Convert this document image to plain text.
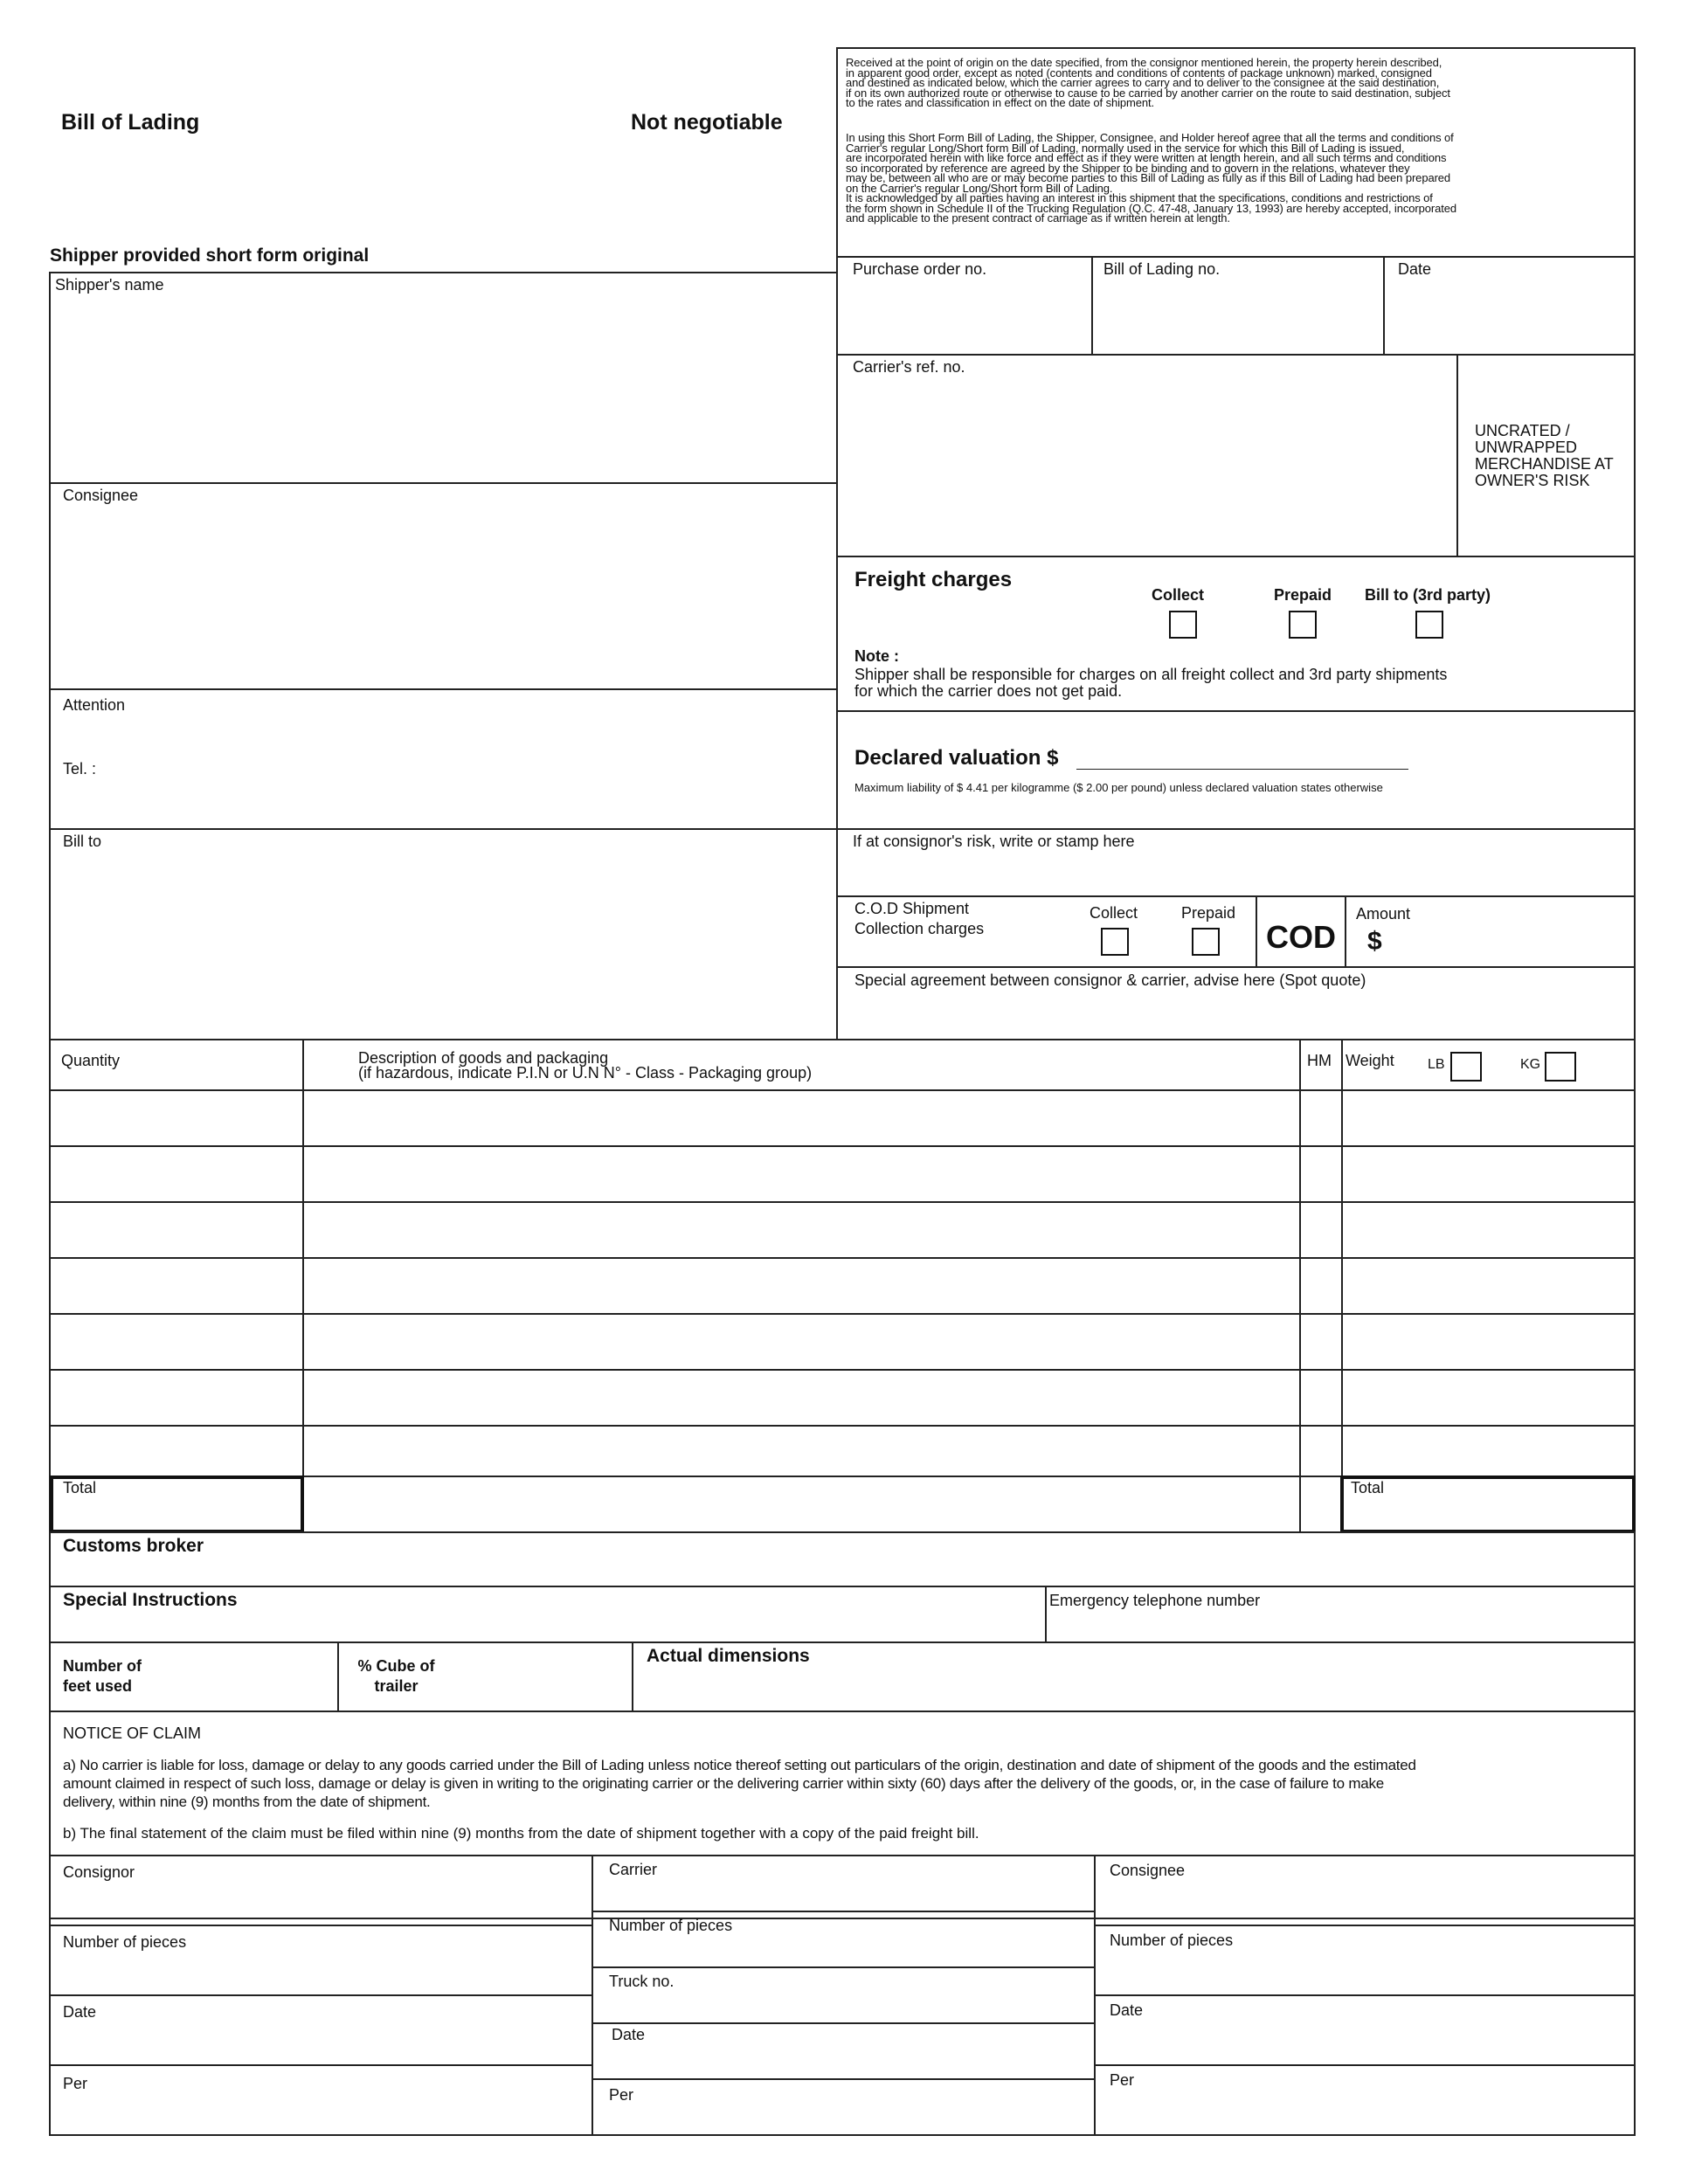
Bill of Lading	Not negotiable
Shipper provided short form original
Received at the point of origin on the date specified, from the consignor mentioned herein, the property herein described,
in apparent good order, except as noted (contents and conditions of contents of package unknown) marked, consigned
and destined as indicated below, which the carrier agrees to carry and to deliver to the consignee at the said destination,
if on its own authorized route or otherwise to cause to be carried by another carrier on the route to said destination, subject
to the rates and classification in effect on the date of shipment.
In using this Short Form Bill of Lading, the Shipper, Consignee, and Holder hereof agree that all the terms and conditions of
Carrier's regular Long/Short form Bill of Lading, normally used in the service for which this Bill of Lading is issued,
are incorporated herein with like force and effect as if they were written at length herein, and all such terms and conditions
so incorporated by reference are agreed by the Shipper to be binding and to govern in the relations, whatever they
may be, between all who are or may become parties to this Bill of Lading as fully as if this Bill of Lading had been prepared
on the Carrier's regular Long/Short form Bill of Lading.
It is acknowledged by all parties having an interest in this shipment that the specifications, conditions and restrictions of
the form shown in Schedule II of the Trucking Regulation (Q.C. 47-48, January 13, 1993) are hereby accepted, incorporated
and applicable to the present contract of carriage as if written herein at length.
Shipper's name
Consignee
Attention
Tel. :
Bill to
Purchase order no.	Bill of Lading no.	Date
Carrier's ref. no.
UNCRATED /
UNWRAPPED
MERCHANDISE AT
OWNER'S RISK
Freight charges
Collect	Prepaid Bill to (3rd party)
Note :
Shipper shall be responsible for charges on all freight collect and 3rd party shipments
for which the carrier does not get paid.
Declared valuation $
Maximum liability of $ 4.41 per kilogramme ($ 2.00 per pound) unless declared valuation states otherwise
If at consignor's risk, write or stamp here
C.O.D Shipment
Collection charges
Collect	Prepaid
COD
Amount
$
Special agreement between consignor & carrier, advise here (Spot quote)
Quantity	Description of goods and packaging
(if hazardous, indicate P.I.N or U.N N° - Class - Packaging group)
HM Weight LB	KG
Total	Total
Customs broker
Special Instructions	Emergency telephone number
Number of
feet used
% Cube of
trailer
Actual dimensions
NOTICE OF CLAIM
a) No carrier is liable for loss, damage or delay to any goods carried under the Bill of Lading unless notice thereof setting out particulars of the origin, destination and date of shipment of the goods and the estimated
amount claimed in respect of such loss, damage or delay is given in writing to the originating carrier or the delivering carrier within sixty (60) days after the delivery of the goods, or, in the case of failure to make
delivery, within nine (9) months from the date of shipment.
b) The final statement of the claim must be filed within nine (9) months from the date of shipment together with a copy of the paid freight bill.
Consignor
Number of pieces
Date
Per
Carrier
Number of pieces
Truck no.
Date
Per
Consignee
Number of pieces
Date
Per
